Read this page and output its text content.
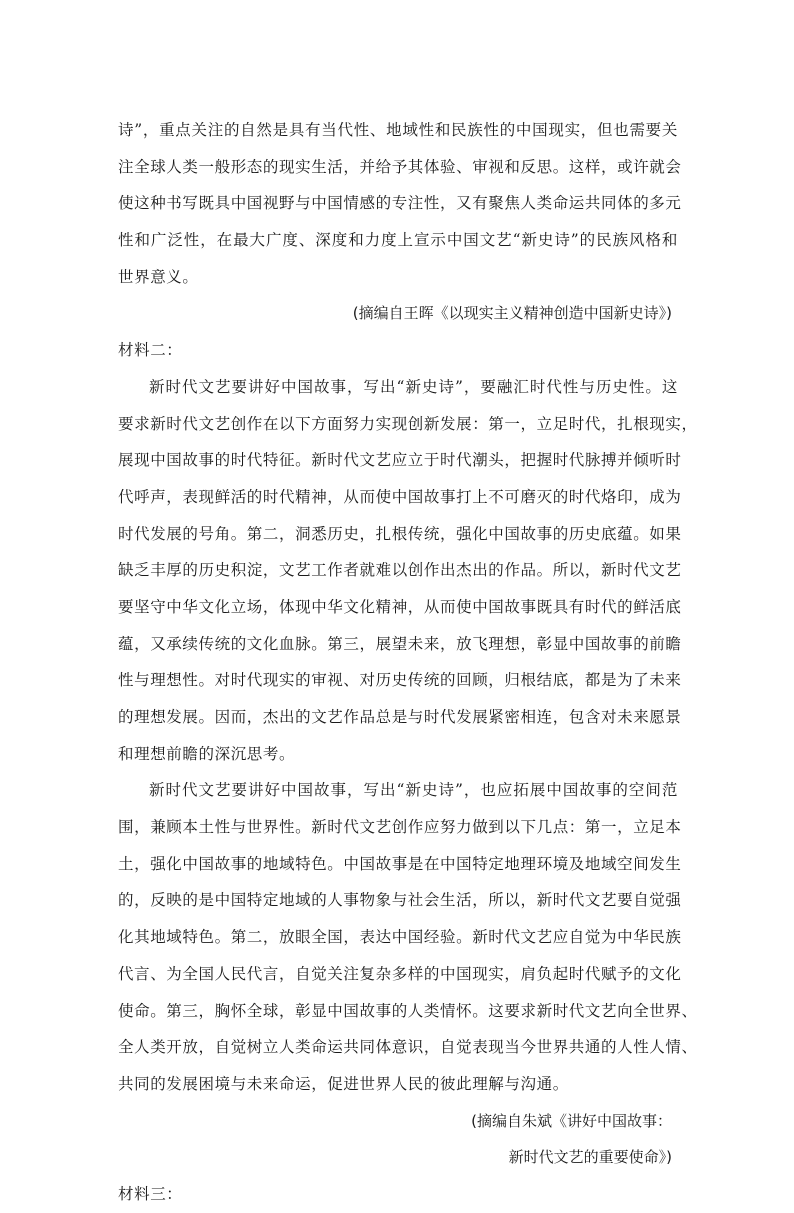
诗”，重点关注的自然是具有当代性、地域性和民族性的中国现实，但也需要关
注全球人类一般形态的现实生活，并给予其体验、审视和反思。这样，或许就会
使这种书写既具中国视野与中国情感的专注性，又有聚焦人类命运共同体的多元
性和广泛性，在最大广度、深度和力度上宣示中国文艺“新史诗”的民族风格和
世界意义。
(摘编自王晖《以现实主义精神创造中国新史诗》)
材料二：
新时代文艺要讲好中国故事，写出“新史诗”，要融汇时代性与历史性。这
要求新时代文艺创作在以下方面努力实现创新发展：第一，立足时代，扎根现实，
展现中国故事的时代特征。新时代文艺应立于时代潮头，把握时代脉搏并倾听时
代呼声，表现鲜活的时代精神，从而使中国故事打上不可磨灭的时代烙印，成为
时代发展的号角。第二，洞悉历史，扎根传统，强化中国故事的历史底蕴。如果
缺乏丰厚的历史积淀，文艺工作者就难以创作出杰出的作品。所以，新时代文艺
要坚守中华文化立场，体现中华文化精神，从而使中国故事既具有时代的鲜活底
蕴，又承续传统的文化血脉。第三，展望未来，放飞理想，彰显中国故事的前瞻
性与理想性。对时代现实的审视、对历史传统的回顾，归根结底，都是为了未来
的理想发展。因而，杰出的文艺作品总是与时代发展紧密相连，包含对未来愿景
和理想前瞻的深沉思考。
新时代文艺要讲好中国故事，写出“新史诗”，也应拓展中国故事的空间范
围，兼顾本土性与世界性。新时代文艺创作应努力做到以下几点：第一，立足本
土，强化中国故事的地域特色。中国故事是在中国特定地理环境及地域空间发生
的，反映的是中国特定地域的人事物象与社会生活，所以，新时代文艺要自觉强
化其地域特色。第二，放眼全国，表达中国经验。新时代文艺应自觉为中华民族
代言、为全国人民代言，自觉关注复杂多样的中国现实，肩负起时代赋予的文化
使命。第三，胸怀全球，彰显中国故事的人类情怀。这要求新时代文艺向全世界、
全人类开放，自觉树立人类命运共同体意识，自觉表现当今世界共通的人性人情、
共同的发展困境与未来命运，促进世界人民的彼此理解与沟通。
(摘编自朱斌《讲好中国故事：
新时代文艺的重要使命》)
材料三：
